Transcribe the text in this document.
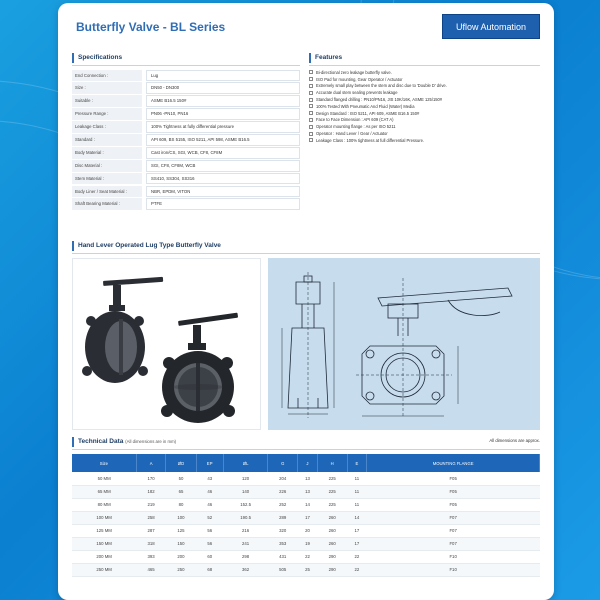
Butterfly Valve - BL Series	Uflow Automation
Specifications
End Connection :	Lug
Size :	DN50 - DN300
Suitable :	ASME B16.5 150#
Pressure Range :	PN06 -PN10, PN16
Leakage Class :	100% Tightness at fully differential pressure
Standard :	API 609, BS 5155, ISO 5211, API 598, ASME B16.5
Body Material :	Cast iron/CS, SGI, WCB, CF8, CF8M
Disc Material :	SGI, CF8, CF8M, WCB
Stem Material :	SS410, SS304, SS316
Body Liner / Seat Material :	NBR, EPDM, VITON
Shaft Bearing Material :	PTFE
Features
Bi-directional zero leakage butterfly valve.
ISO Pad for mounting, Gear Operator / Actuator
Extremely small play between the stem and disc due to 'Double D' drive.
Accurate dual stem sealing prevents leakage
Standard flanged drilling : PN10/PN16, JIS 10K/16K, ASME 125/150#
100% Tested With Pneumatic And Fluid (Water) Media
Design Standard : ISO 5211, API 609, ASME B16.5 150#
Face to Face Dimension : API 609 (CAT A)
Operator mounting flange : As per ISO 5211
Operator : Hand Lever / Gear / Actuator
Leakage Class : 100% tightness at full differential Pressure.
Hand Lever Operated Lug Type Butterfly Valve
Technical Data (All dimensions are in mm)	All dimensions are approx.
Size	A	ØD	EP	ØL	G	J	H	E	MOUNTING FLANGE
50 MM	170	50	43	120	204	13	225	11	F05
65 MM	182	65	46	140	226	13	225	11	F05
80 MM	219	80	46	152.5	252	14	225	11	F05
100 MM	258	100	52	190.5	289	17	260	14	F07
125 MM	287	125	56	216	320	20	260	17	F07
150 MM	318	150	56	241	353	19	260	17	F07
200 MM	393	200	60	298	431	22	290	22	F10
250 MM	465	250	68	362	505	25	290	22	F10
